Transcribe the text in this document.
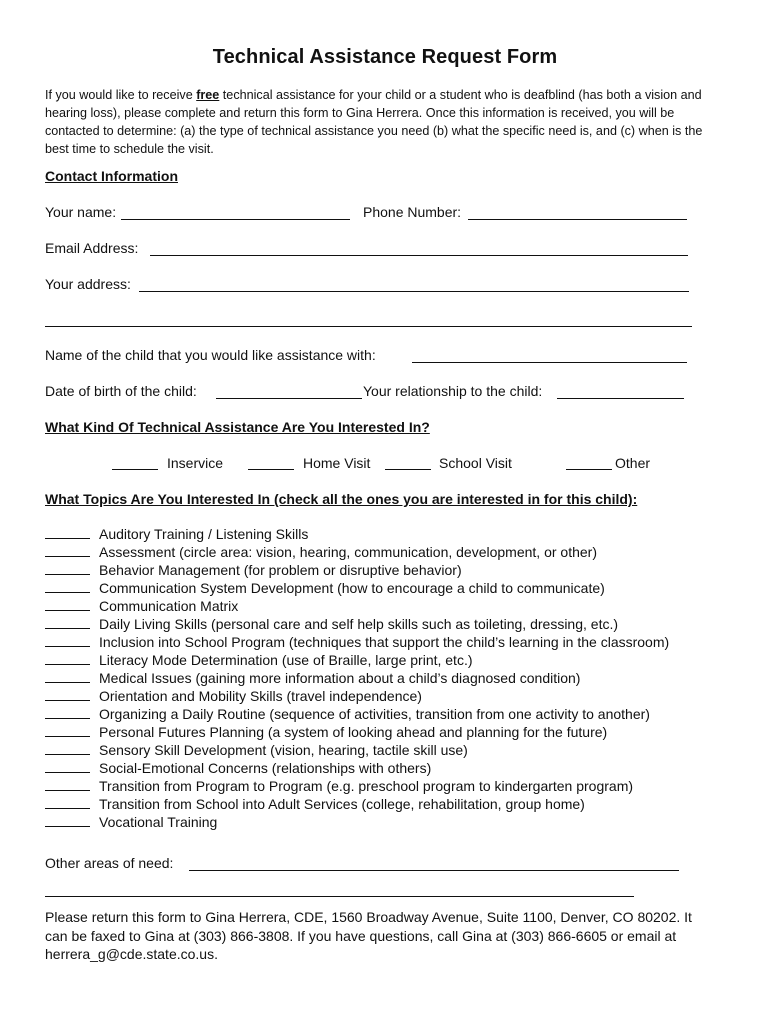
Technical Assistance Request Form

If you would like to receive free technical assistance for your child or a student who is deafblind (has both a vision and hearing loss), please complete and return this form to Gina Herrera. Once this information is received, you will be contacted to determine: (a) the type of technical assistance you need (b) what the specific need is, and (c) when is the best time to schedule the visit.

Contact Information
Your name:	Phone Number:
Email Address:
Your address:
Name of the child that you would like assistance with:
Date of birth of the child:	Your relationship to the child:
What Kind Of Technical Assistance Are You Interested In?
Inservice	Home Visit	School Visit	Other
What Topics Are You Interested In (check all the ones you are interested in for this child):
Auditory Training / Listening Skills
Assessment (circle area: vision, hearing, communication, development, or other)
Behavior Management (for problem or disruptive behavior)
Communication System Development (how to encourage a child to communicate)
Communication Matrix
Daily Living Skills (personal care and self help skills such as toileting, dressing, etc.)
Inclusion into School Program (techniques that support the child’s learning in the classroom)
Literacy Mode Determination (use of Braille, large print, etc.)
Medical Issues (gaining more information about a child’s diagnosed condition)
Orientation and Mobility Skills (travel independence)
Organizing a Daily Routine (sequence of activities, transition from one activity to another)
Personal Futures Planning (a system of looking ahead and planning for the future)
Sensory Skill Development (vision, hearing, tactile skill use)
Social-Emotional Concerns (relationships with others)
Transition from Program to Program (e.g. preschool program to kindergarten program)
Transition from School into Adult Services (college, rehabilitation, group home)
Vocational Training
Other areas of need:

Please return this form to Gina Herrera, CDE, 1560 Broadway Avenue, Suite 1100, Denver, CO 80202. It can be faxed to Gina at (303) 866-3808. If you have questions, call Gina at (303) 866-6605 or email at herrera_g@cde.state.co.us.
